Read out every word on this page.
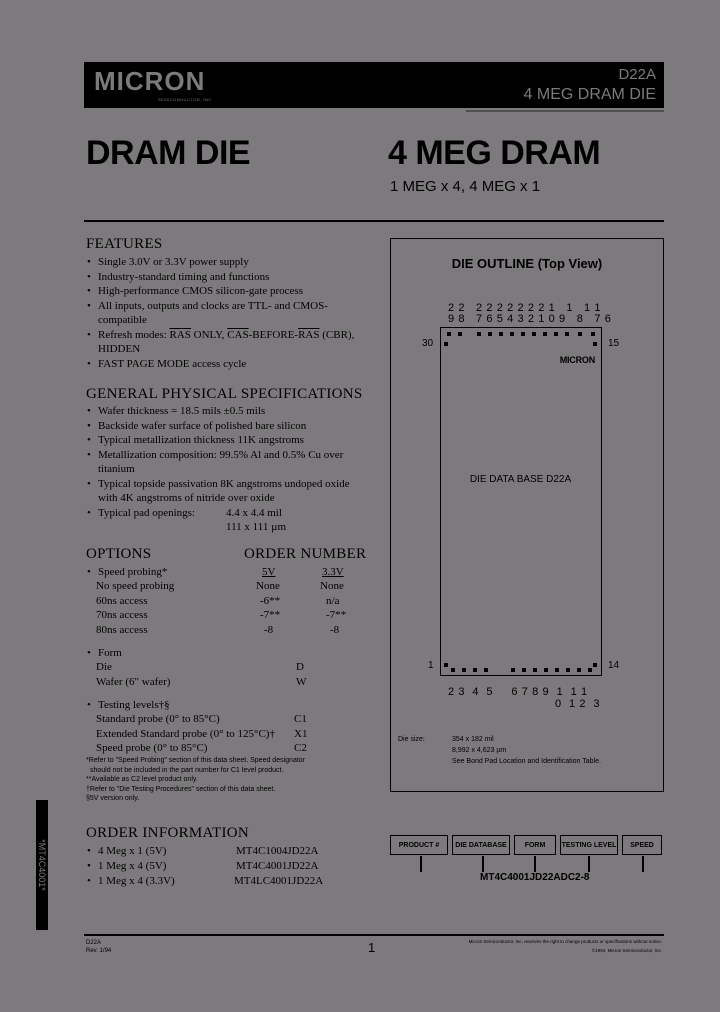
MICRON
SEMICONDUCTOR, INC.
D22A
4 MEG DRAM DIE
DRAM DIE	4 MEG DRAM
1 MEG x 4, 4 MEG x 1
FEATURES
• Single 3.0V or 3.3V power supply
• Industry-standard timing and functions
• High-performance CMOS silicon-gate process
• All inputs, outputs and clocks are TTL- and CMOS-compatible
• Refresh modes: $\overline{RAS}$ ONLY, $\overline{CAS}-BEFORE-\overline{RAS}$ (CBR),
HIDDEN
• FAST PAGE MODE access cycle
GENERAL PHYSICAL SPECIFICATIONS
• Wafer thickness = 18.5 mils ±0.5 mils
• Backside wafer surface of polished bare silicon
• Typical metallization thickness 11K angstroms
• Metallization composition: 99.5% Al and 0.5% Cu over titanium
• Typical topside passivation 8K angstroms undoped oxide with 4K angstroms of nitride over oxide
• Typical pad openings:	4.4 x 4.4 mil

111 x 111 µm
OPTIONS	ORDER NUMBER
• Speed probing*	5V	3.3V
No speed probing	None	None
60ns access	-6**	n/a
70ns access	-7**	-7**
80ns access	-8	-8
• Form
Die	D
Wafer (6" wafer)	W
• Testing levels†§
Standard probe (0° to 85°C)	C1
Extended Standard probe (0° to 125°C)† X1
Speed probe (0° to 85°C)	C2
*Refer to "Speed Probing" section of this data sheet. Speed designator
should not be included in the part number for C1 level product.
**Available as C2 level product only.
†Refer to "Die Testing Procedures" section of this data sheet.
§5V version only.
ORDER INFORMATION
• 4 Meg x 1 (5V)	MT4C1004JD22A
• 1 Meg x 4 (5V)	MT4C4001JD22A
• 1 Meg x 4 (3.3V)	MT4LC4001JD22A
DIE OUTLINE (Top View)
2 2   2 2 2 2 2 2 2 1   1   1 1
9 8   7 6 5 4 3 2 1 0 9   8   7 6
MICRON
DIE DATA BASE D22A
30	15
1	14
2 3  4  5     6 7 8 9  1  1 1
0  1 2  3
Die size:	354 x 182 mil
8,992 x 4,623 µm
See Bond Pad Location and Identification Table.
PRODUCT #	DIE DATABASE	FORM	TESTING LEVEL	SPEED
MT4C4001JD22ADC2-8
*MT4C4001*
D22A
Rev. 1/94	1	Micron Semiconductor, Inc. reserves the right to change products or specifications without notice.
©1994, Micron Semiconductor, Inc.
